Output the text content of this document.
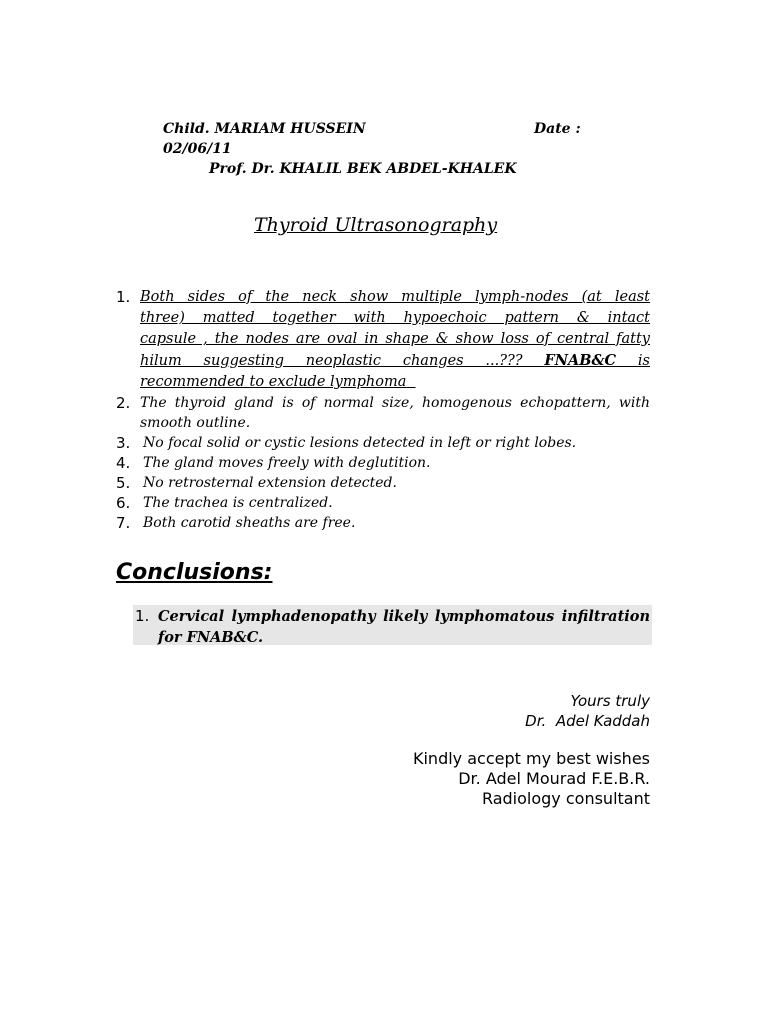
Child. MARIAM HUSSEIN	Date :
02/06/11
Prof. Dr. KHALIL BEK ABDEL-KHALEK
Thyroid Ultrasonography
1. Both sides of the neck show multiple lymph-nodes (at least
three) matted together with hypoechoic pattern & intact
capsule , the nodes are oval in shape & show loss of central fatty
hilum suggesting neoplastic changes ...??? FNAB&C is
recommended to exclude lymphoma
2. The thyroid gland is of normal size, homogenous echopattern, with smooth outline.
3. No focal solid or cystic lesions detected in left or right lobes.
4. The gland moves freely with deglutition.
5. No retrosternal extension detected.
6. The trachea is centralized.
7. Both carotid sheaths are free.
Conclusions:
1. Cervical lymphadenopathy likely lymphomatous infiltration
for FNAB&C.
Yours truly
Dr.  Adel Kaddah
Kindly accept my best wishes
Dr. Adel Mourad F.E.B.R.
Radiology consultant
